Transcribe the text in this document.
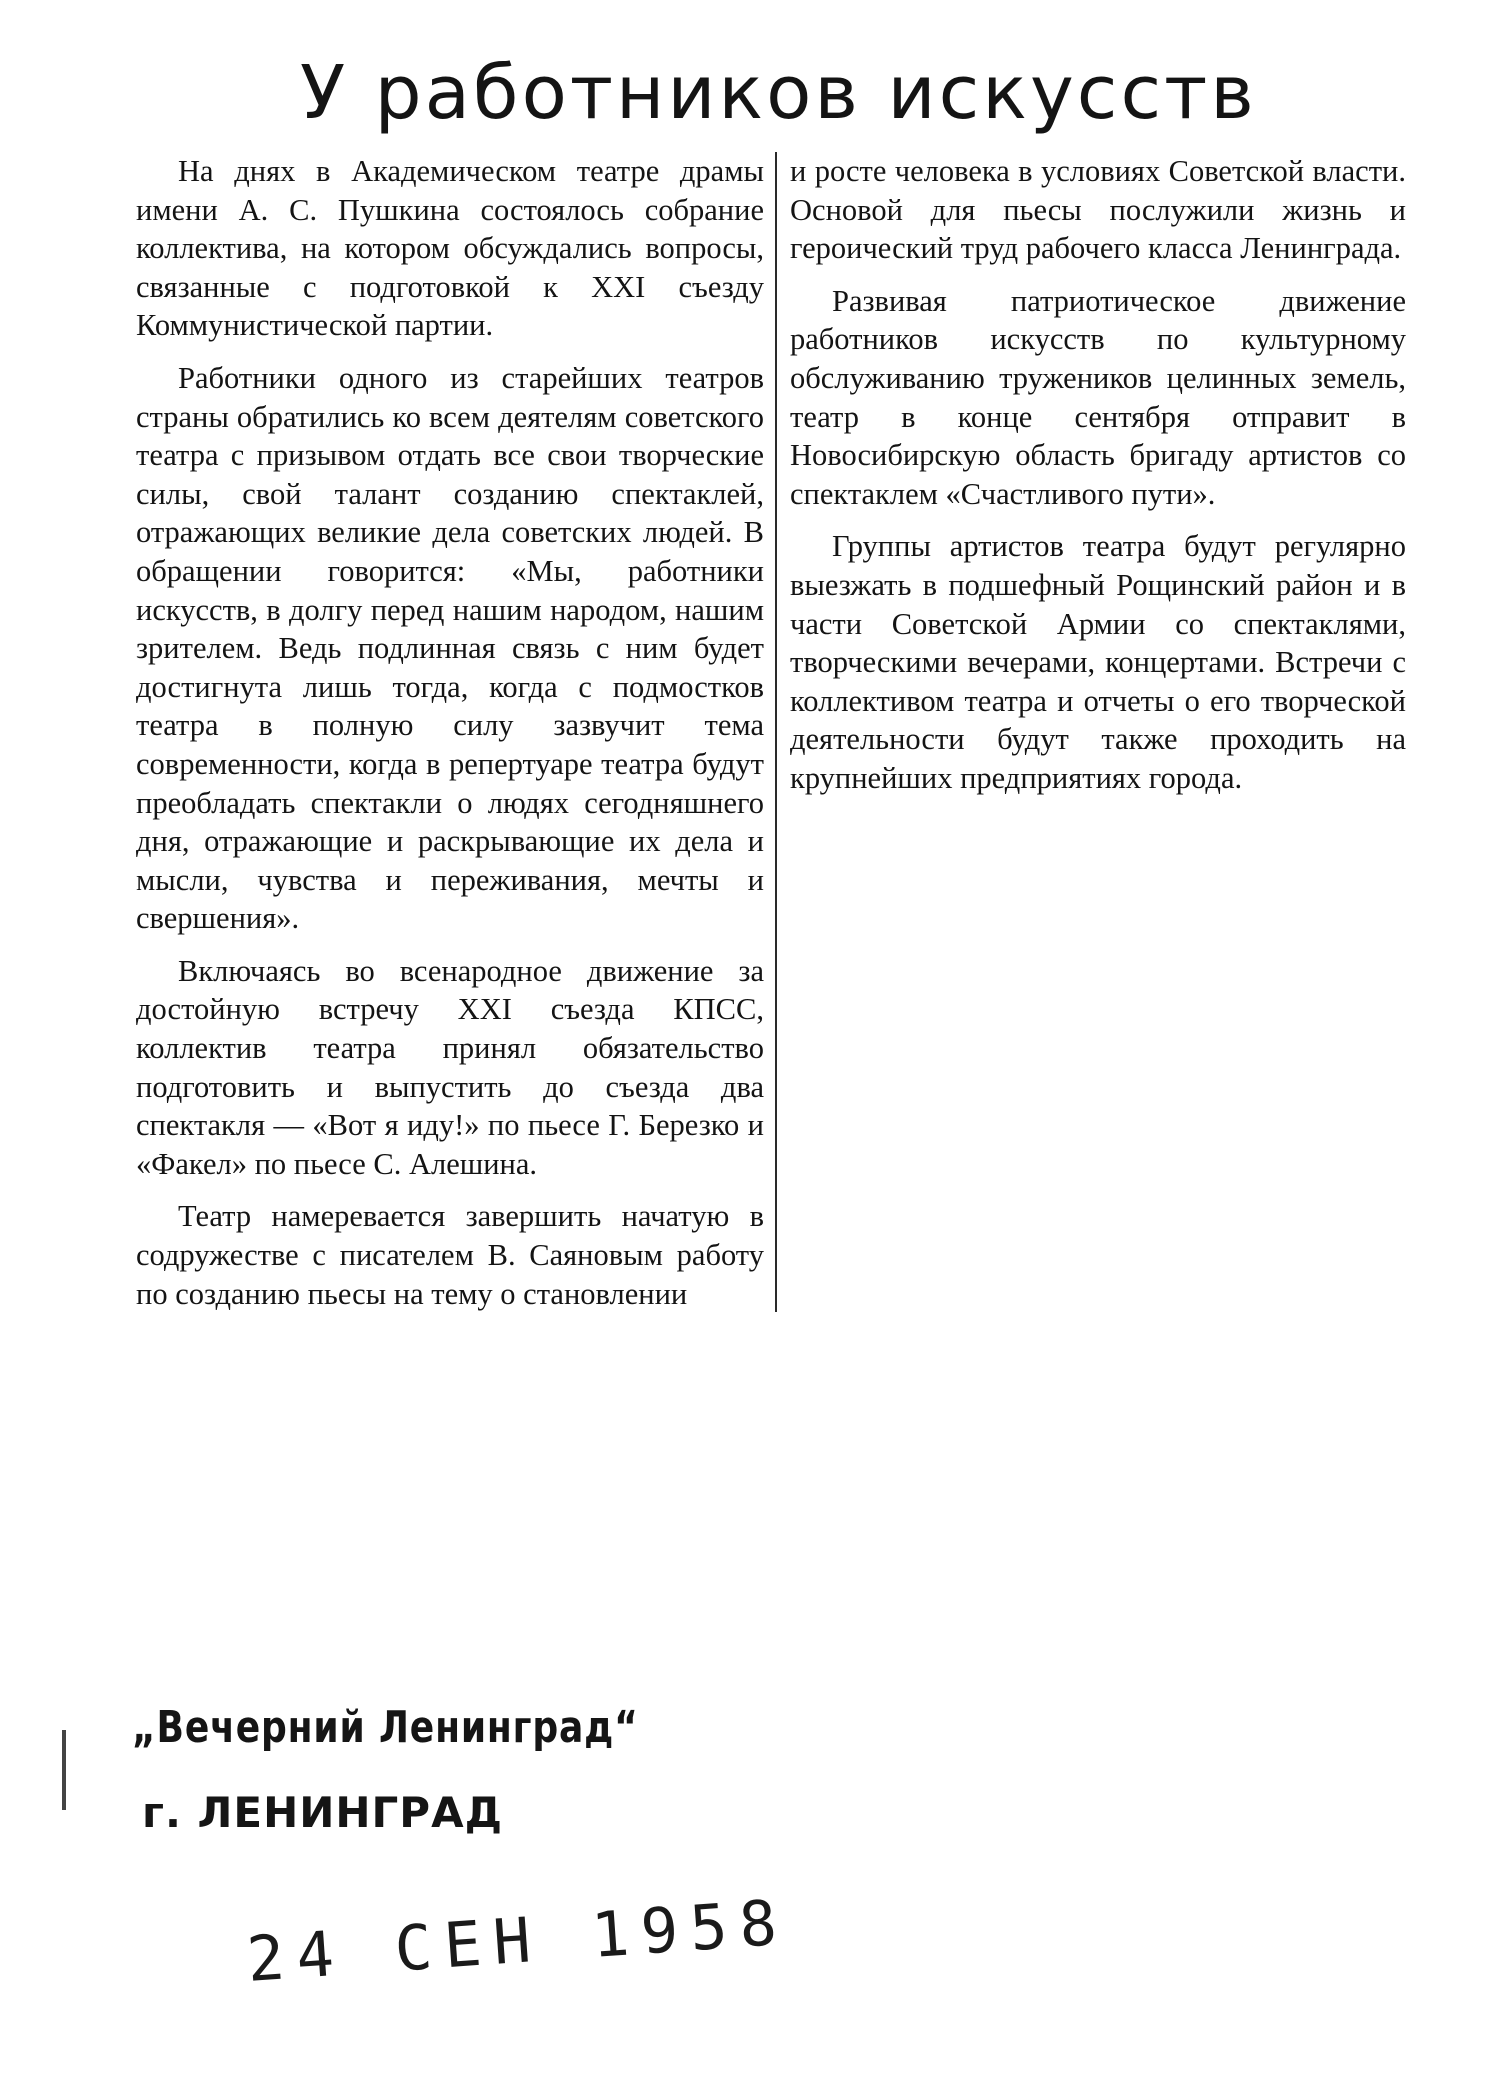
У работников искусств

На днях в Академическом театре драмы имени А. С. Пушкина состоялось собрание коллектива, на котором обсуждались вопросы, связанные с подготовкой к XXI съезду Коммунистической партии.

Работники одного из старейших театров страны обратились ко всем деятелям советского театра с призывом отдать все свои творческие силы, свой талант созданию спектаклей, отражающих великие дела советских людей. В обращении говорится: «Мы, работники искусств, в долгу перед нашим народом, нашим зрителем. Ведь подлинная связь с ним будет достигнута лишь тогда, когда с подмостков театра в полную силу зазвучит тема современности, когда в репертуаре театра будут преобладать спектакли о людях сегодняшнего дня, отражающие и раскрывающие их дела и мысли, чувства и переживания, мечты и свершения».

Включаясь во всенародное движение за достойную встречу XXI съезда КПСС, коллектив театра принял обязательство подготовить и выпустить до съезда два спектакля — «Вот я иду!» по пьесе Г. Березко и «Факел» по пьесе С. Алешина.

Театр намеревается завершить начатую в содружестве с писателем В. Саяновым работу по созданию пьесы на тему о становлении

и росте человека в условиях Советской власти. Основой для пьесы послужили жизнь и героический труд рабочего класса Ленинграда.

Развивая патриотическое движение работников искусств по культурному обслуживанию тружеников целинных земель, театр в конце сентября отправит в Новосибирскую область бригаду артистов со спектаклем «Счастливого пути».

Группы артистов театра будут регулярно выезжать в подшефный Рощинский район и в части Советской Армии со спектаклями, творческими вечерами, концертами. Встречи с коллективом театра и отчеты о его творческой деятельности будут также проходить на крупнейших предприятиях города.

„Вечерний Ленинград“
г. ЛЕНИНГРАД
24 СЕН 1958
